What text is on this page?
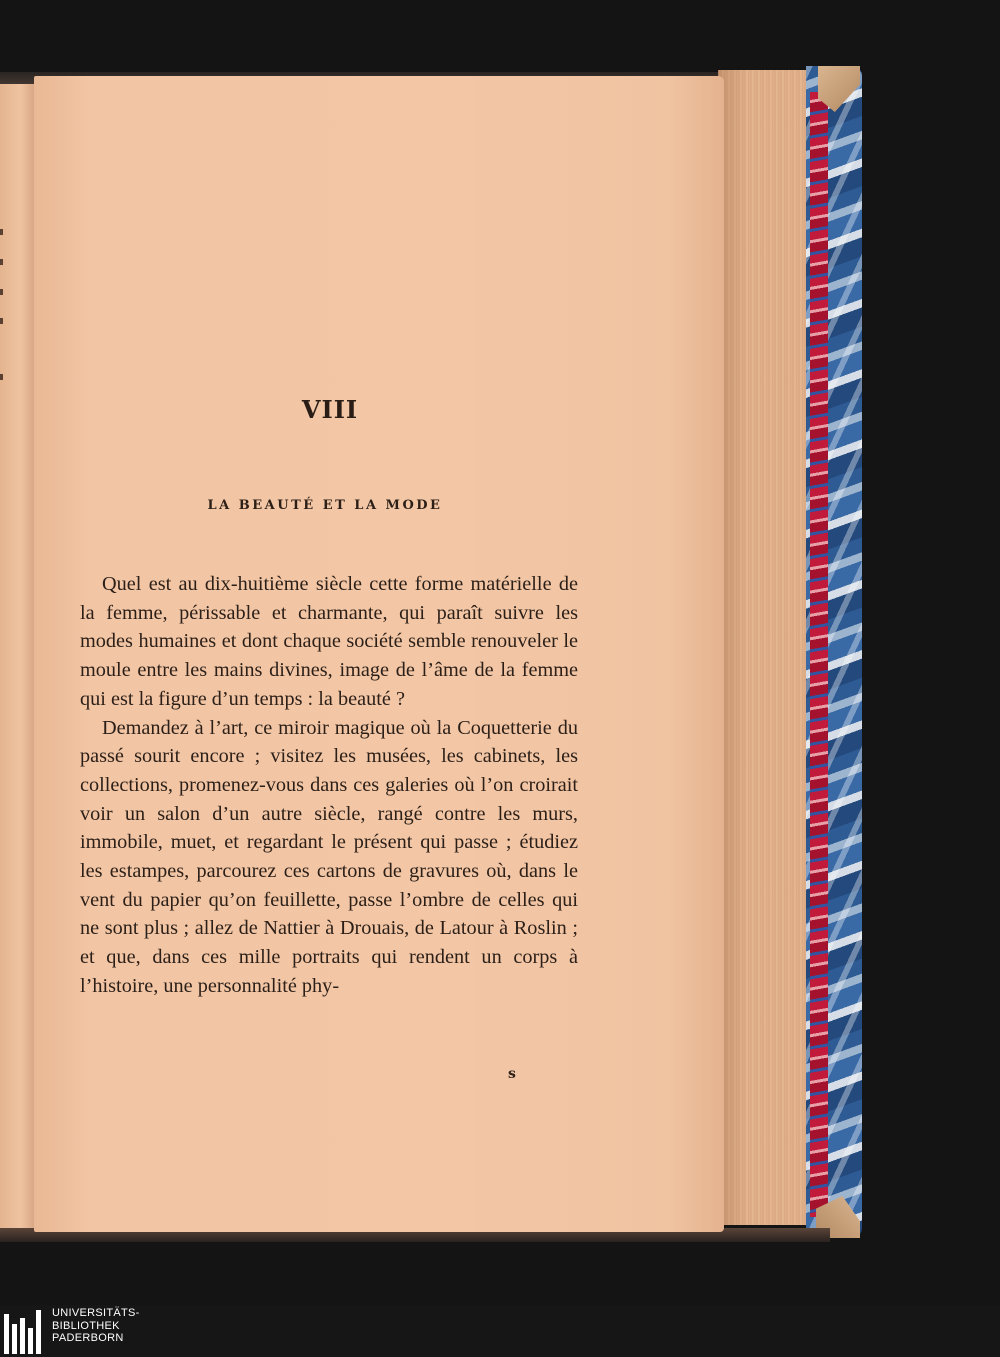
VIII
LA BEAUTÉ ET LA MODE

Quel est au dix-huitième siècle cette forme matérielle de la femme, périssable et charmante, qui paraît suivre les modes humaines et dont chaque société semble renouveler le moule entre les mains divines, image de l’âme de la femme qui est la figure d’un temps : la beauté ?

Demandez à l’art, ce miroir magique où la Coquetterie du passé sourit encore ; visitez les musées, les cabinets, les collections, promenez-vous dans ces galeries où l’on croirait voir un salon d’un autre siècle, rangé contre les murs, immobile, muet, et regardant le présent qui passe ; étudiez les estampes, parcourez ces cartons de gravures où, dans le vent du papier qu’on feuillette, passe l’ombre de celles qui ne sont plus ; allez de Nattier à Drouais, de Latour à Roslin ; et que, dans ces mille portraits qui rendent un corps à l’histoire, une personnalité phy-

s
UNIVERSITÄTS-
BIBLIOTHEK
PADERBORN
